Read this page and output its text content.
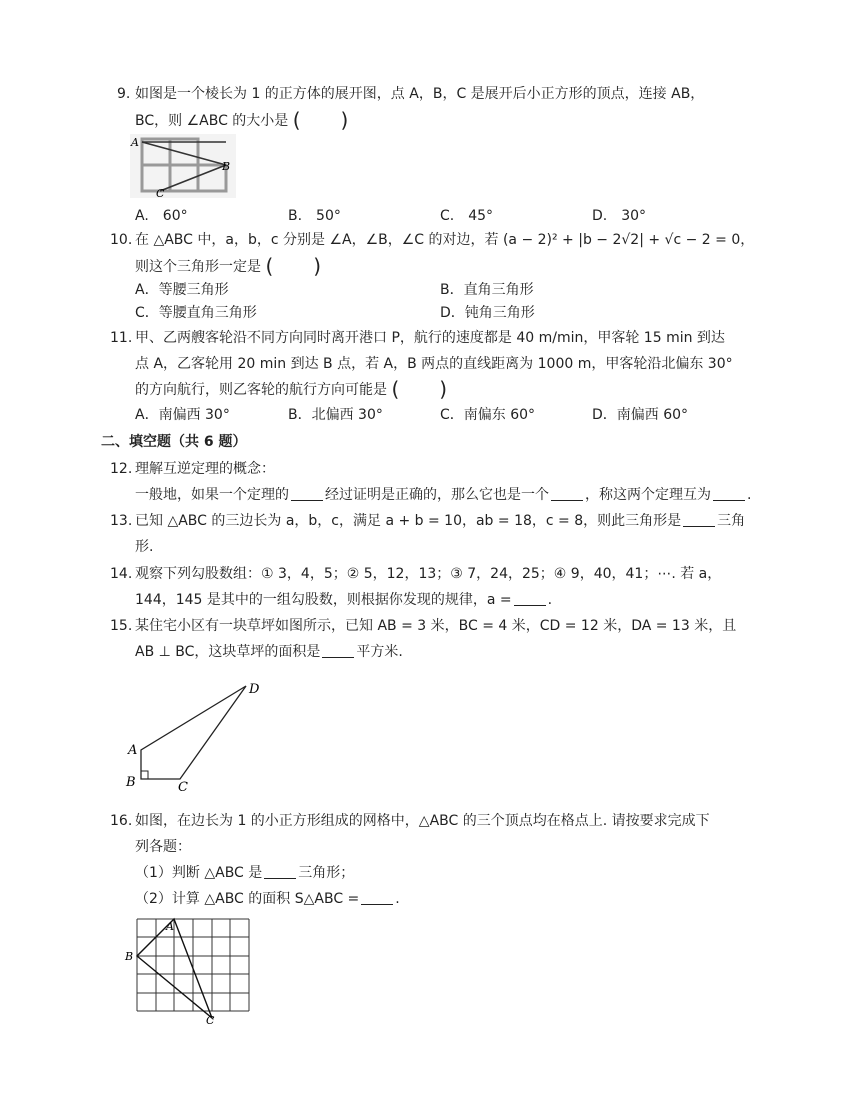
9. 如图是一个棱长为 1 的正方体的展开图，点 A，B，C 是展开后小正方形的顶点，连接 AB，
BC，则 ∠ABC 的大小是 (　　)
A
B
C
A.　60°	B.　50°	C.　45°	D.　30°
10. 在 △ABC 中，a，b，c 分别是 ∠A，∠B，∠C 的对边，若 (a − 2)² + |b − 2√2| + √c − 2 = 0，
则这个三角形一定是 (　　)
A．等腰三角形	B．直角三角形
C．等腰直角三角形	D．钝角三角形
11. 甲、乙两艘客轮沿不同方向同时离开港口 P，航行的速度都是 40 m/min，甲客轮 15 min 到达
点 A，乙客轮用 20 min 到达 B 点，若 A，B 两点的直线距离为 1000 m，甲客轮沿北偏东 30°
的方向航行，则乙客轮的航行方向可能是 (　　)
A．南偏西 30°	B．北偏西 30°	C．南偏东 60°	D．南偏西 60°
二、填空题（共 6 题）
12. 理解互逆定理的概念：
一般地，如果一个定理的	经过证明是正确的，那么它也是一个	，称这两个定理互为	.
13. 已知 △ABC 的三边长为 a，b，c，满足 a + b = 10，ab = 18，c = 8，则此三角形是	三角
形.
14. 观察下列勾股数组：① 3，4，5；② 5，12，13；③ 7，24，25；④ 9，40，41；⋯. 若 a，
144，145 是其中的一组勾股数，则根据你发现的规律，a =	.
15. 某住宅小区有一块草坪如图所示，已知 AB = 3 米，BC = 4 米，CD = 12 米，DA = 13 米，且
AB ⊥ BC，这块草坪的面积是	平方米.
A
B	C
D
16. 如图，在边长为 1 的小正方形组成的网格中，△ABC 的三个顶点均在格点上. 请按要求完成下
列各题：
（1）判断 △ABC 是	三角形；
（2）计算 △ABC 的面积 S△ABC =	.
A
B
C
